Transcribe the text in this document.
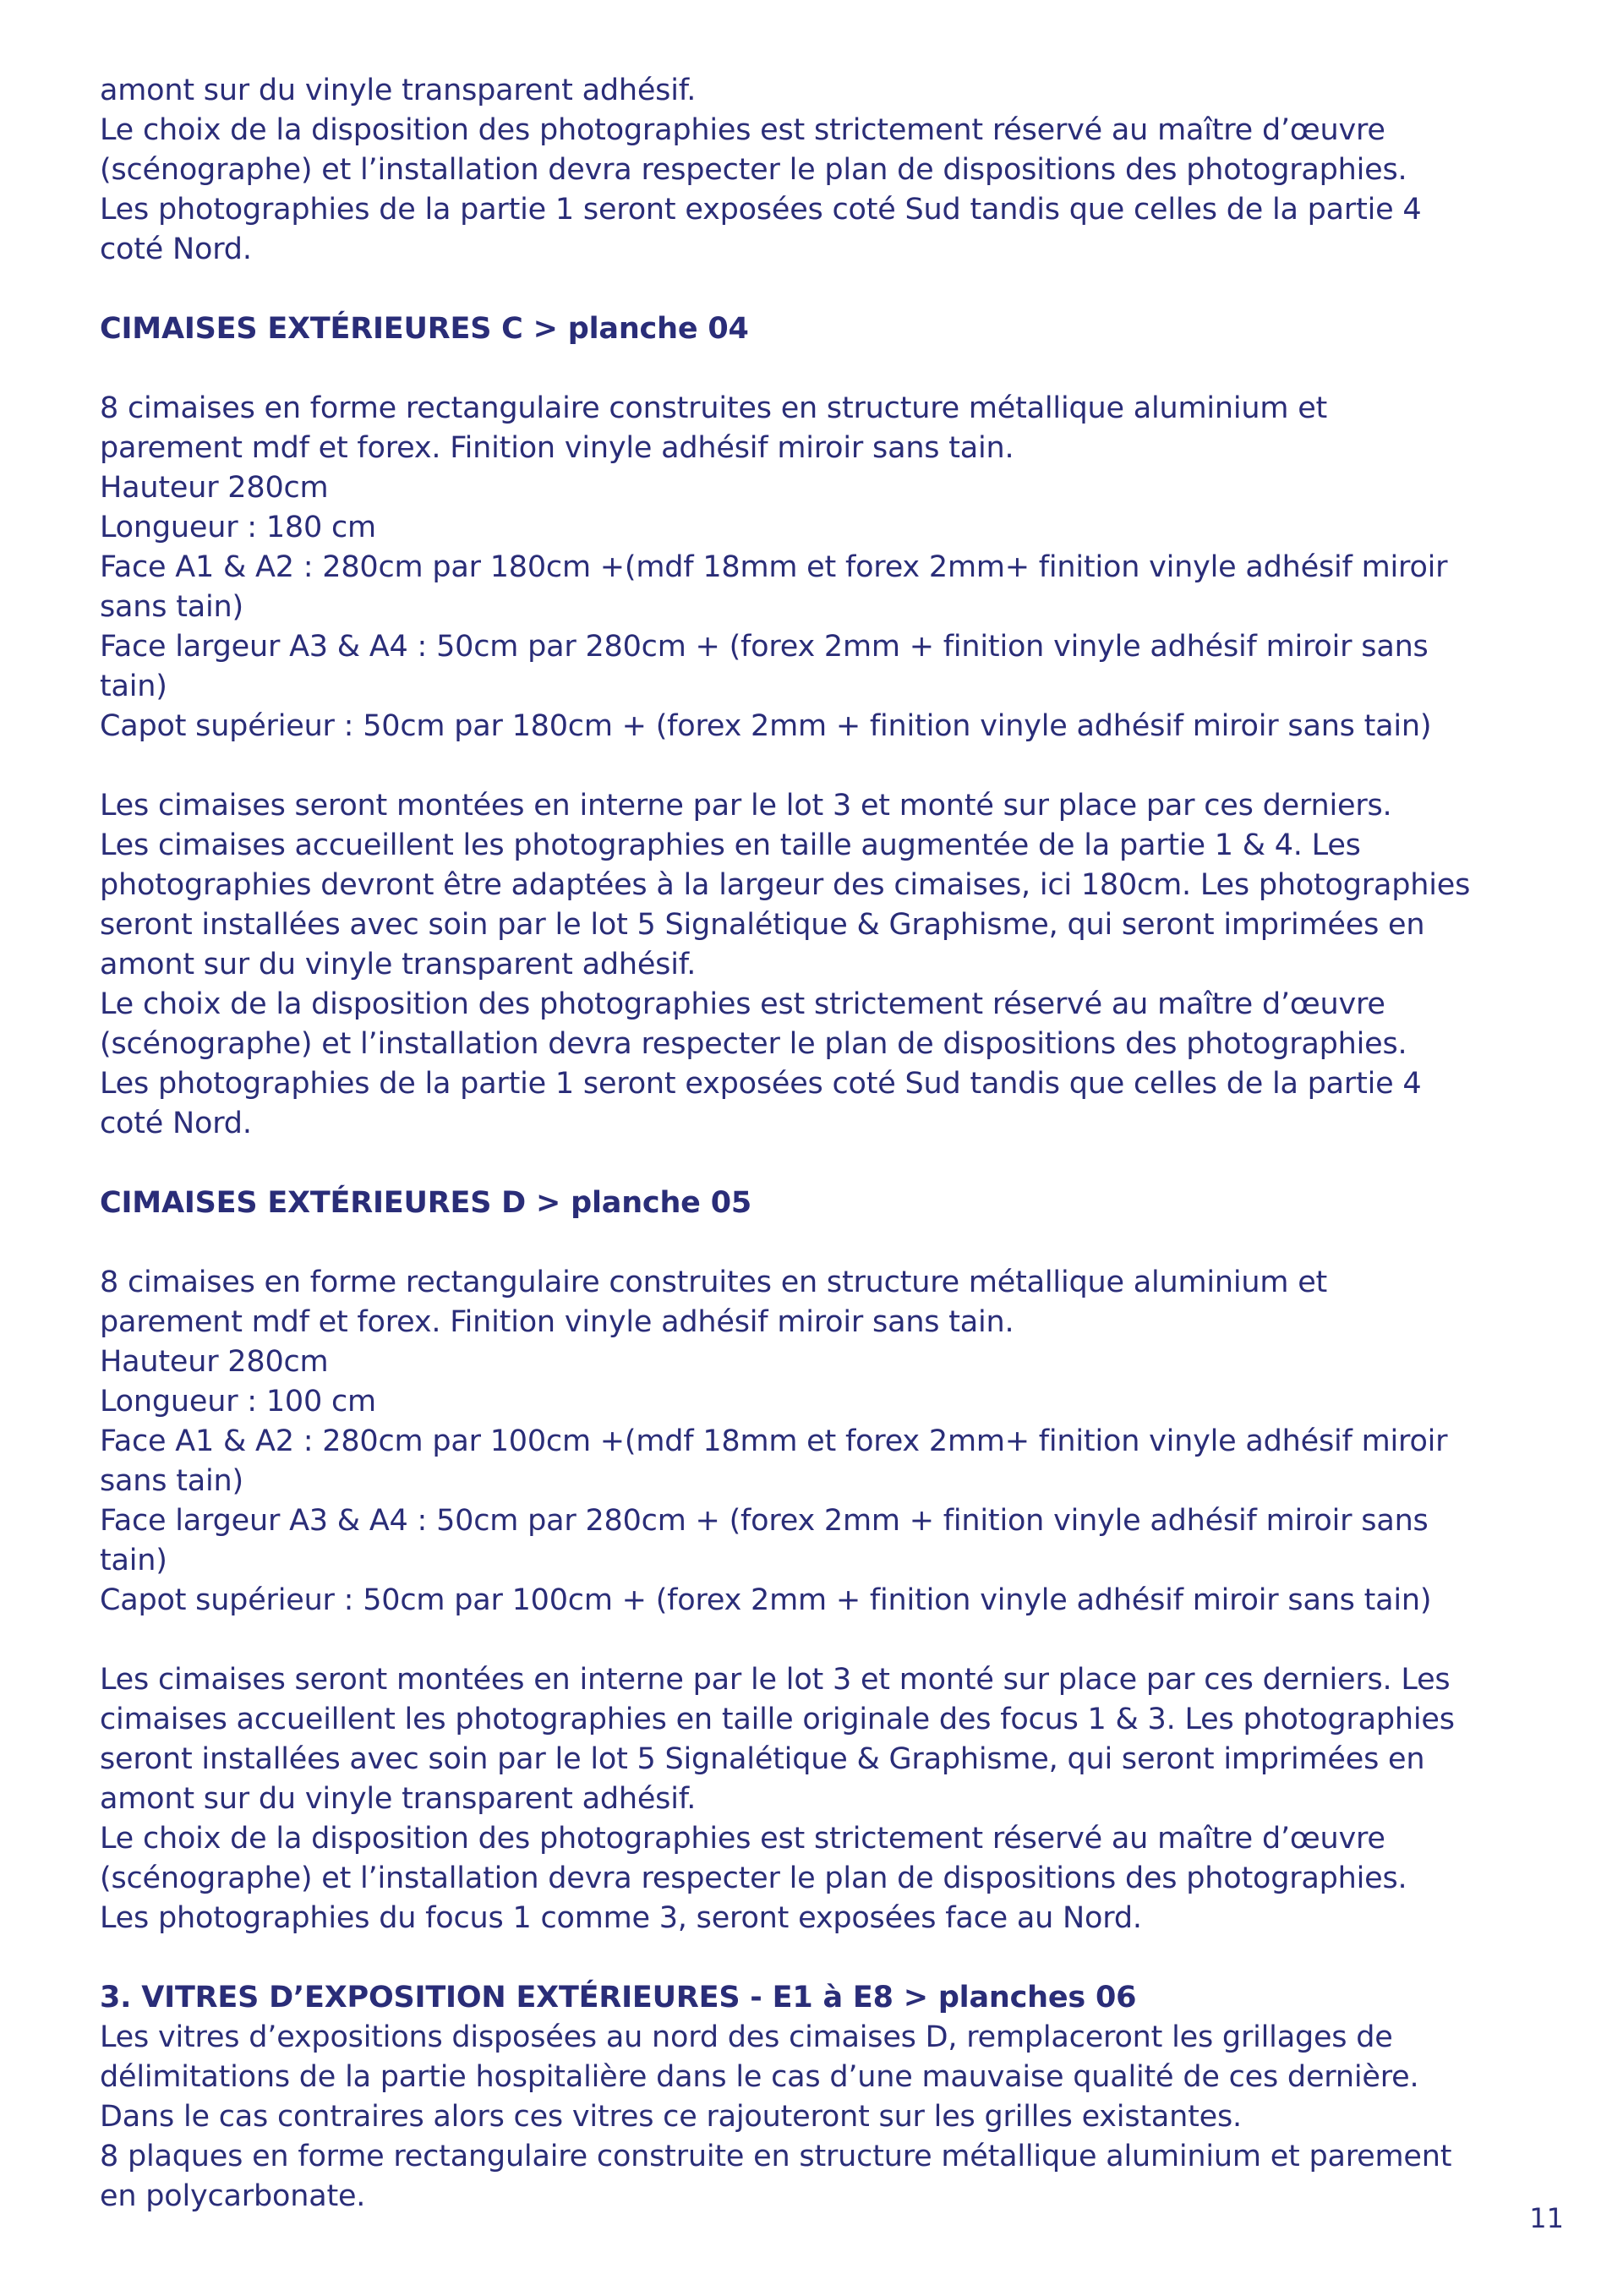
amont sur du vinyle transparent adhésif.
Le choix de la disposition des photographies est strictement réservé au maître d’œuvre
(scénographe) et l’installation devra respecter le plan de dispositions des photographies.
Les photographies de la partie 1 seront exposées coté Sud tandis que celles de la partie 4
coté Nord.
CIMAISES EXTÉRIEURES C > planche 04
8 cimaises en forme rectangulaire construites en structure métallique aluminium et
parement mdf et forex. Finition vinyle adhésif miroir sans tain.
Hauteur 280cm
Longueur : 180 cm
Face A1 & A2 : 280cm par 180cm +(mdf 18mm et forex 2mm+ finition vinyle adhésif miroir
sans tain)
Face largeur A3 & A4 : 50cm par 280cm + (forex 2mm + finition vinyle adhésif miroir sans
tain)
Capot supérieur : 50cm par 180cm + (forex 2mm + finition vinyle adhésif miroir sans tain)
Les cimaises seront montées en interne par le lot 3 et monté sur place par ces derniers.
Les cimaises accueillent les photographies en taille augmentée de la partie 1 & 4. Les
photographies devront être adaptées à la largeur des cimaises, ici 180cm. Les photographies
seront installées avec soin par le lot 5 Signalétique & Graphisme, qui seront imprimées en
amont sur du vinyle transparent adhésif.
Le choix de la disposition des photographies est strictement réservé au maître d’œuvre
(scénographe) et l’installation devra respecter le plan de dispositions des photographies.
Les photographies de la partie 1 seront exposées coté Sud tandis que celles de la partie 4
coté Nord.
CIMAISES EXTÉRIEURES D > planche 05
8 cimaises en forme rectangulaire construites en structure métallique aluminium et
parement mdf et forex. Finition vinyle adhésif miroir sans tain.
Hauteur 280cm
Longueur : 100 cm
Face A1 & A2 : 280cm par 100cm +(mdf 18mm et forex 2mm+ finition vinyle adhésif miroir
sans tain)
Face largeur A3 & A4 : 50cm par 280cm + (forex 2mm + finition vinyle adhésif miroir sans
tain)
Capot supérieur : 50cm par 100cm + (forex 2mm + finition vinyle adhésif miroir sans tain)
Les cimaises seront montées en interne par le lot 3 et monté sur place par ces derniers. Les
cimaises accueillent les photographies en taille originale des focus 1 & 3. Les photographies
seront installées avec soin par le lot 5 Signalétique & Graphisme, qui seront imprimées en
amont sur du vinyle transparent adhésif.
Le choix de la disposition des photographies est strictement réservé au maître d’œuvre
(scénographe) et l’installation devra respecter le plan de dispositions des photographies.
Les photographies du focus 1 comme 3, seront exposées face au Nord.
3. VITRES D’EXPOSITION EXTÉRIEURES - E1 à E8 > planches 06
Les vitres d’expositions disposées au nord des cimaises D, remplaceront les grillages de
délimitations de la partie hospitalière dans le cas d’une mauvaise qualité de ces dernière.
Dans le cas contraires alors ces vitres ce rajouteront sur les grilles existantes.
8 plaques en forme rectangulaire construite en structure métallique aluminium et parement
en polycarbonate.
11
